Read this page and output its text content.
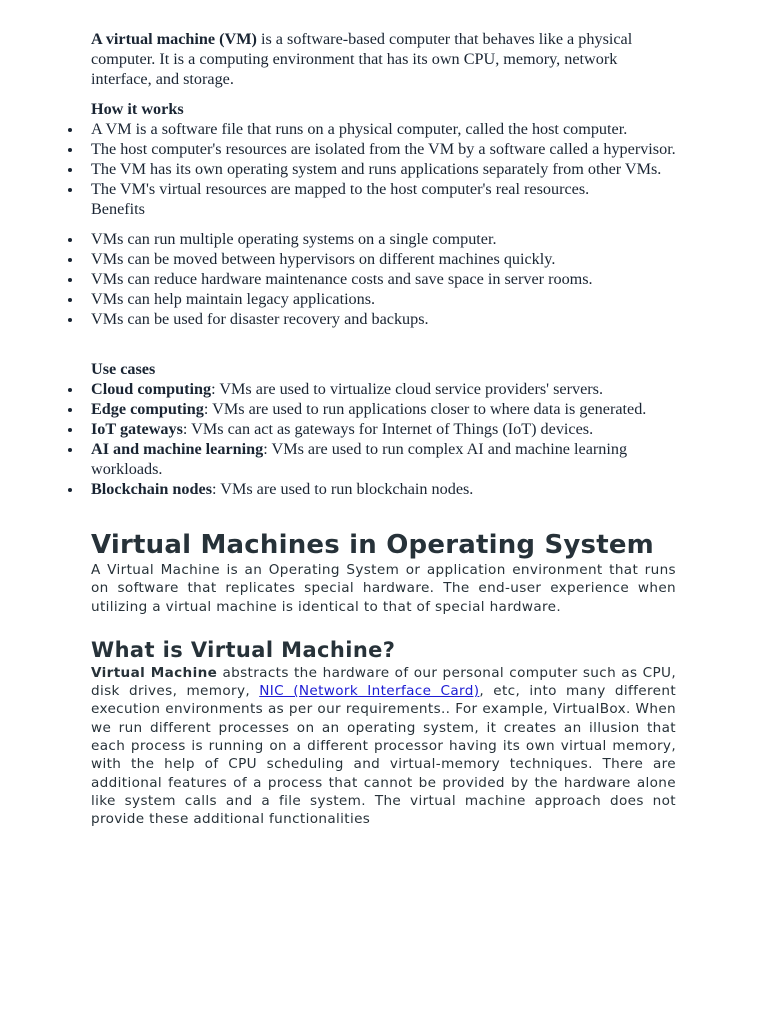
A virtual machine (VM) is a software-based computer that behaves like a physical computer. It is a computing environment that has its own CPU, memory, network interface, and storage.

How it works

A VM is a software file that runs on a physical computer, called the host computer.
The host computer's resources are isolated from the VM by a software called a hypervisor.
The VM has its own operating system and runs applications separately from other VMs.
The VM's virtual resources are mapped to the host computer's real resources.
Benefits
VMs can run multiple operating systems on a single computer.
VMs can be moved between hypervisors on different machines quickly.
VMs can reduce hardware maintenance costs and save space in server rooms.
VMs can help maintain legacy applications.
VMs can be used for disaster recovery and backups.

Use cases

Cloud computing: VMs are used to virtualize cloud service providers' servers.
Edge computing: VMs are used to run applications closer to where data is generated.
IoT gateways: VMs can act as gateways for Internet of Things (IoT) devices.
AI and machine learning: VMs are used to run complex AI and machine learning workloads.
Blockchain nodes: VMs are used to run blockchain nodes.
Virtual Machines in Operating System

A Virtual Machine is an Operating System or application environment that runs on software that replicates special hardware. The end-user experience when utilizing a virtual machine is identical to that of special hardware.

What is Virtual Machine?

Virtual Machine abstracts the hardware of our personal computer such as CPU, disk drives, memory, NIC (Network Interface Card), etc, into many different execution environments as per our requirements.. For example, VirtualBox. When we run different processes on an operating system, it creates an illusion that each process is running on a different processor having its own virtual memory, with the help of CPU scheduling and virtual-memory techniques. There are additional features of a process that cannot be provided by the hardware alone like system calls and a file system. The virtual machine approach does not provide these additional functionalities
